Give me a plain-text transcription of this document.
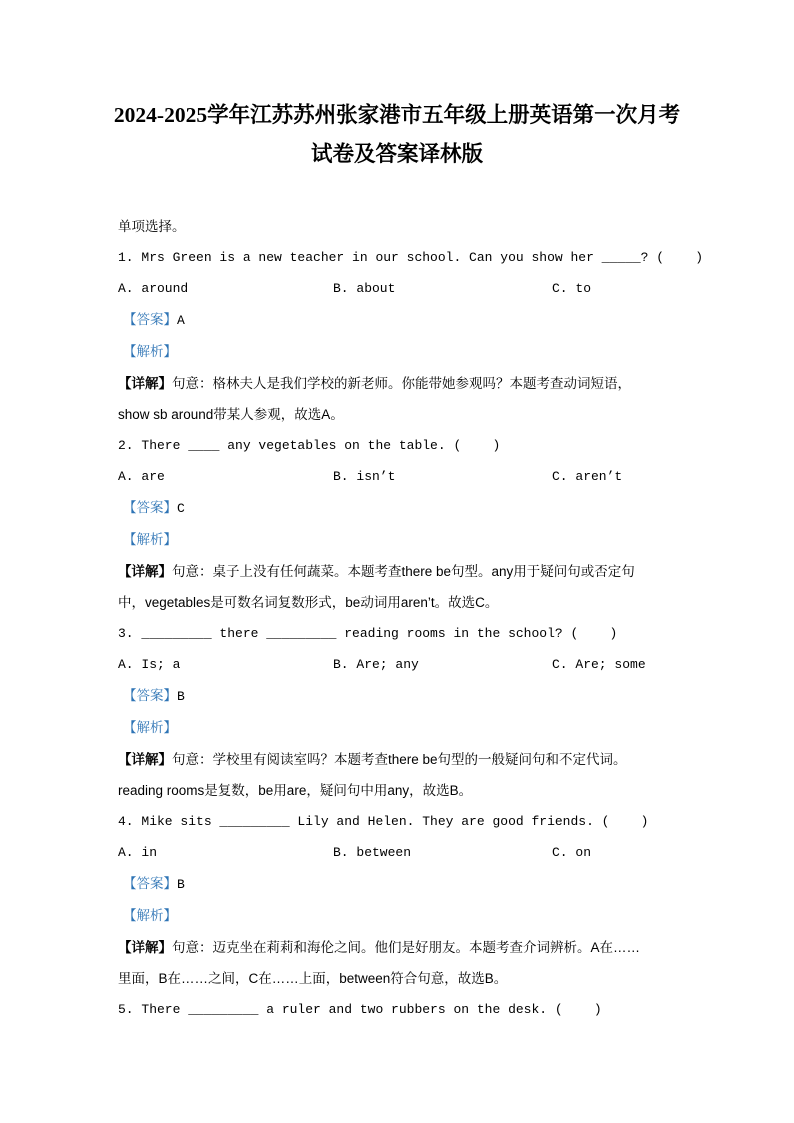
2024-2025学年江苏苏州张家港市五年级上册英语第一次月考试卷及答案译林版
单项选择。
1. Mrs Green is a new teacher in our school. Can you show her _____? (    )

A. around

	B. about

	C. to

【答案】A
【解析】
【详解】句意：格林夫人是我们学校的新老师。你能带她参观吗？本题考查动词短语，
show sb around带某人参观，故选A。
2. There ____ any vegetables on the table. (    )

A. are

	B. isn’t

	C. aren’t

【答案】C
【解析】
【详解】句意：桌子上没有任何蔬菜。本题考查there be句型。any用于疑问句或否定句
中，vegetables是可数名词复数形式，be动词用aren’t。故选C。
3. _________ there _________ reading rooms in the school? (    )

A. Is; a

	B. Are; any

	C. Are; some

【答案】B
【解析】
【详解】句意：学校里有阅读室吗？本题考查there be句型的一般疑问句和不定代词。
reading rooms是复数，be用are，疑问句中用any，故选B。
4. Mike sits _________ Lily and Helen. They are good friends. (    )

A. in

	B. between

	C. on

【答案】B
【解析】
【详解】句意：迈克坐在莉莉和海伦之间。他们是好朋友。本题考查介词辨析。A在……
里面，B在……之间，C在……上面，between符合句意，故选B。
5. There _________ a ruler and two rubbers on the desk. (    )
